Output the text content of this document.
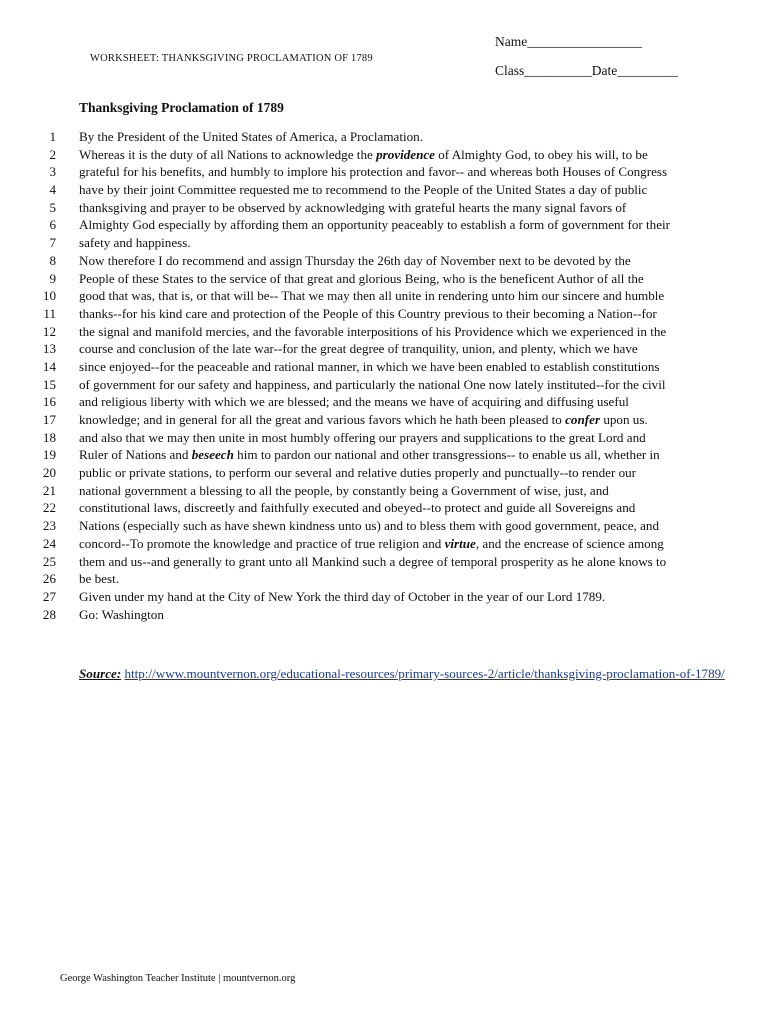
WORKSHEET: THANKSGIVING PROCLAMATION OF 1789
Name_________________
Class__________Date_________
Thanksgiving Proclamation of 1789
1 By the President of the United States of America, a Proclamation.
2 Whereas it is the duty of all Nations to acknowledge the providence of Almighty God, to obey his will, to be
3 grateful for his benefits, and humbly to implore his protection and favor-- and whereas both Houses of Congress
4 have by their joint Committee requested me to recommend to the People of the United States a day of public
5 thanksgiving and prayer to be observed by acknowledging with grateful hearts the many signal favors of
6 Almighty God especially by affording them an opportunity peaceably to establish a form of government for their
7 safety and happiness.
8 Now therefore I do recommend and assign Thursday the 26th day of November next to be devoted by the
9 People of these States to the service of that great and glorious Being, who is the beneficent Author of all the
10 good that was, that is, or that will be-- That we may then all unite in rendering unto him our sincere and humble
11 thanks--for his kind care and protection of the People of this Country previous to their becoming a Nation--for
12 the signal and manifold mercies, and the favorable interpositions of his Providence which we experienced in the
13 course and conclusion of the late war--for the great degree of tranquility, union, and plenty, which we have
14 since enjoyed--for the peaceable and rational manner, in which we have been enabled to establish constitutions
15 of government for our safety and happiness, and particularly the national One now lately instituted--for the civil
16 and religious liberty with which we are blessed; and the means we have of acquiring and diffusing useful
17 knowledge; and in general for all the great and various favors which he hath been pleased to confer upon us.
18 and also that we may then unite in most humbly offering our prayers and supplications to the great Lord and
19 Ruler of Nations and beseech him to pardon our national and other transgressions-- to enable us all, whether in
20 public or private stations, to perform our several and relative duties properly and punctually--to render our
21 national government a blessing to all the people, by constantly being a Government of wise, just, and
22 constitutional laws, discreetly and faithfully executed and obeyed--to protect and guide all Sovereigns and
23 Nations (especially such as have shewn kindness unto us) and to bless them with good government, peace, and
24 concord--To promote the knowledge and practice of true religion and virtue, and the encrease of science among
25 them and us--and generally to grant unto all Mankind such a degree of temporal prosperity as he alone knows to
26 be best.
27 Given under my hand at the City of New York the third day of October in the year of our Lord 1789.
28 Go: Washington
Source: http://www.mountvernon.org/educational-resources/primary-sources-2/article/thanksgiving-proclamation-of-1789/
George Washington Teacher Institute | mountvernon.org
